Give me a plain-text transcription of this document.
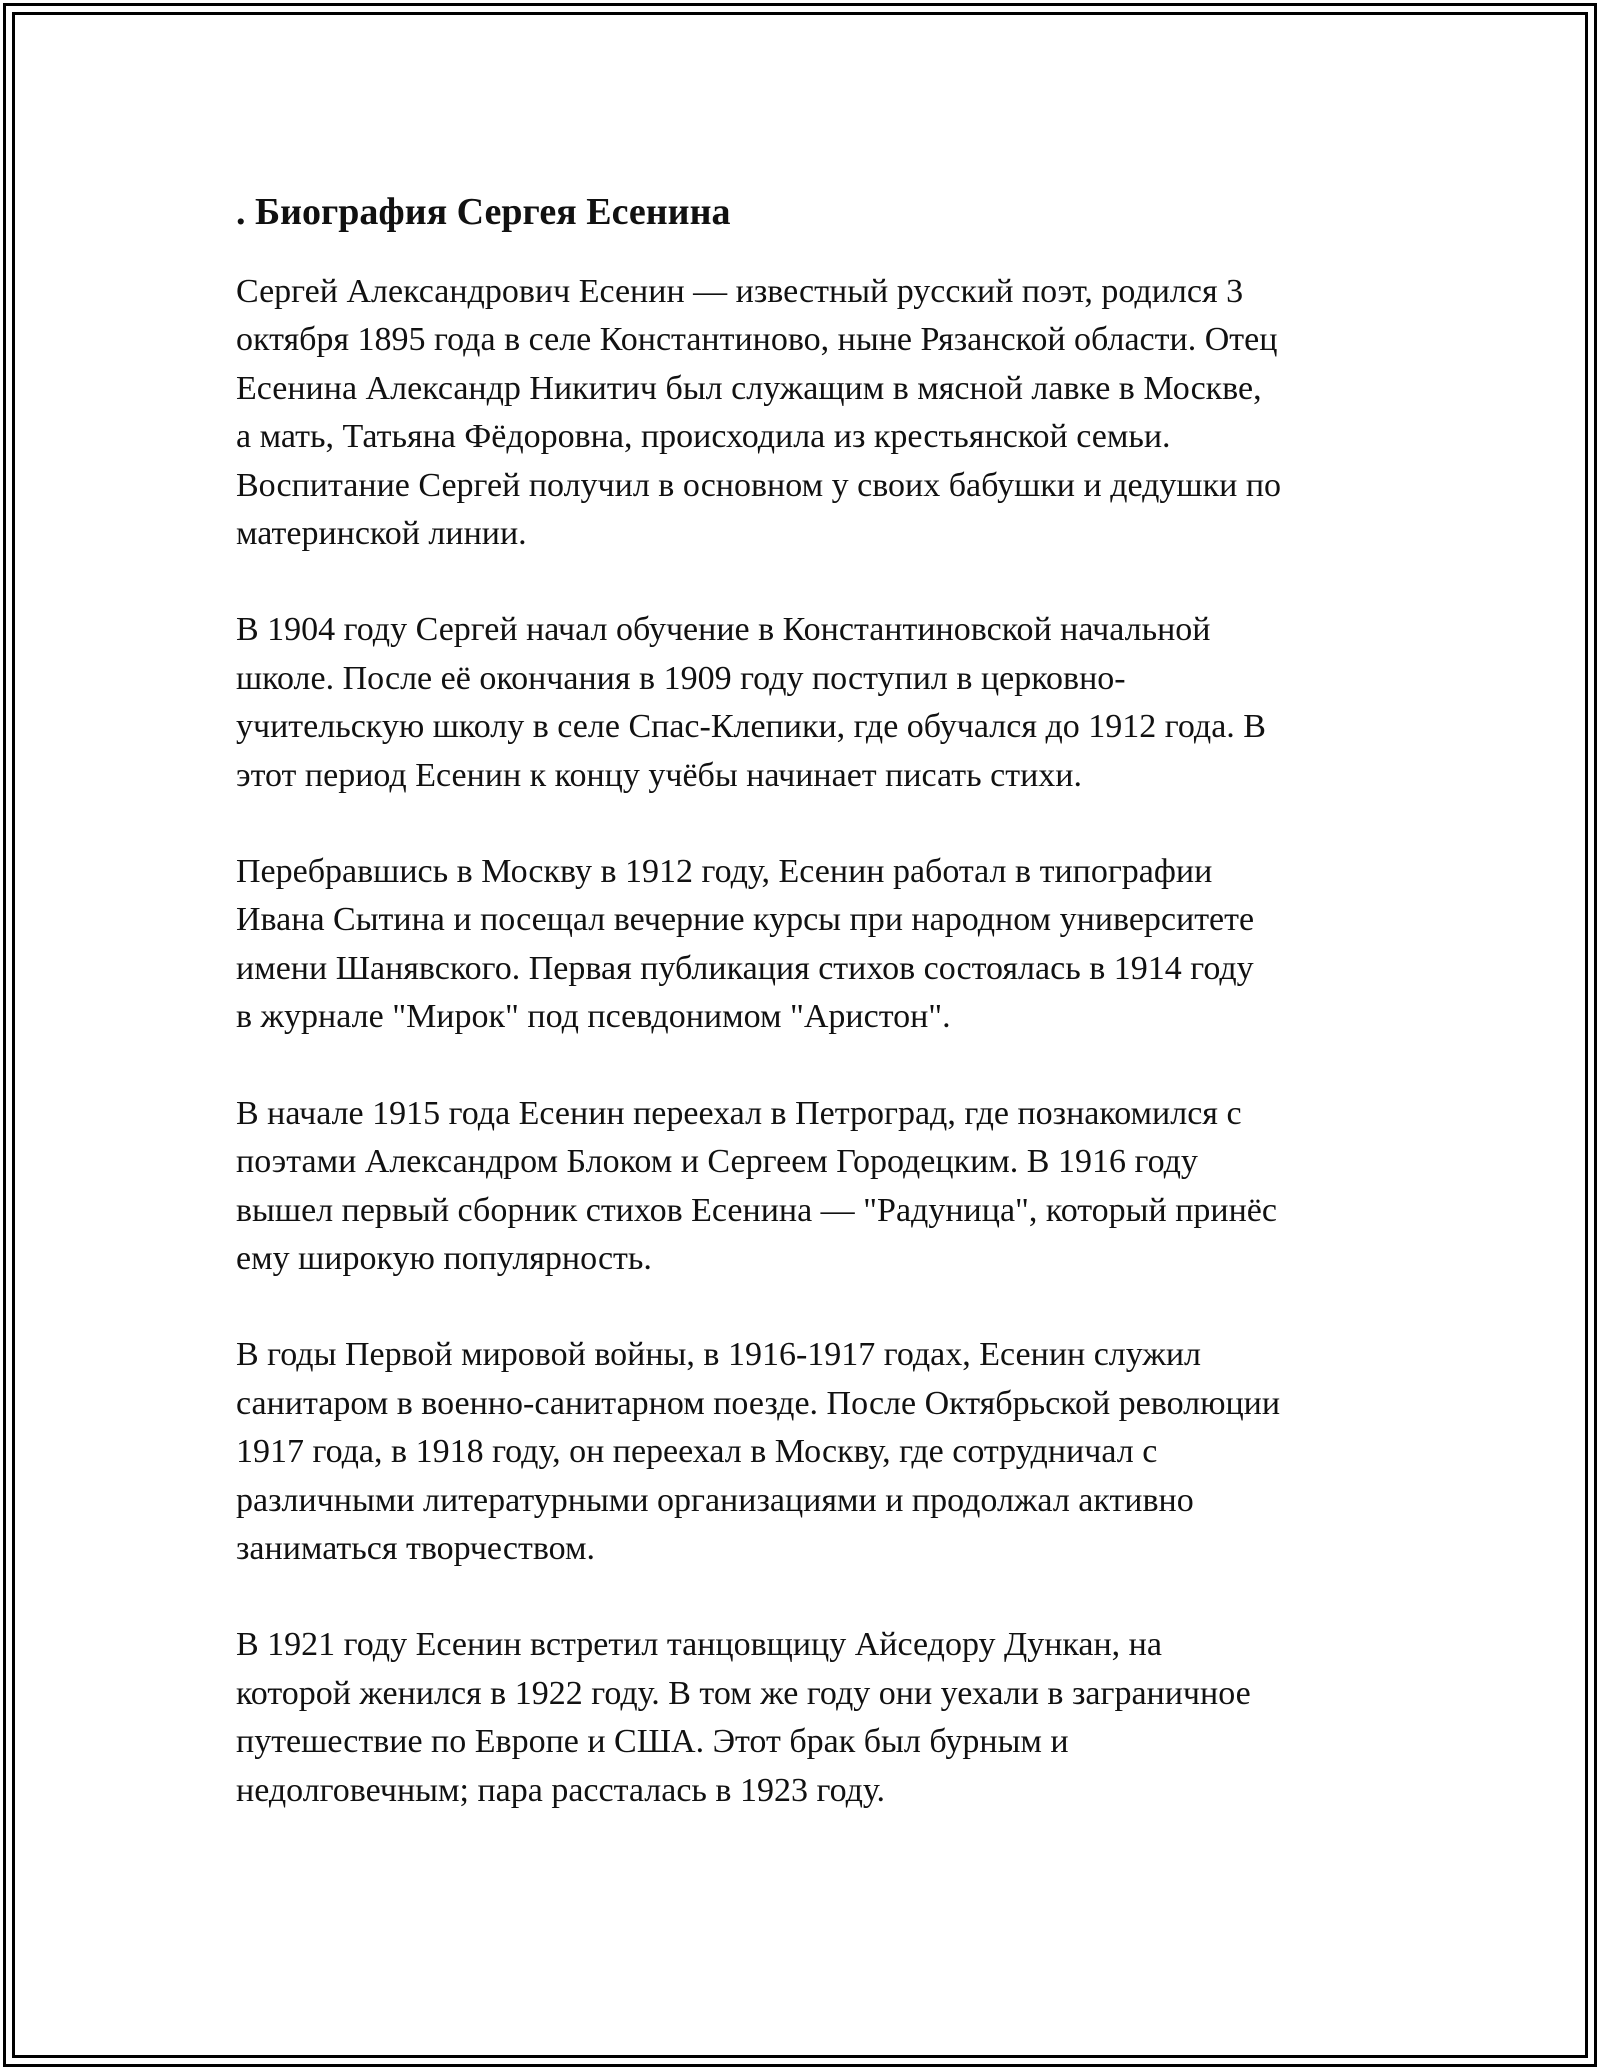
. Биография Сергея Есенина

Сергей Александрович Есенин — известный русский поэт, родился 3
октября 1895 года в селе Константиново, ныне Рязанской области. Отец
Есенина Александр Никитич был служащим в мясной лавке в Москве,
а мать, Татьяна Фёдоровна, происходила из крестьянской семьи.
Воспитание Сергей получил в основном у своих бабушки и дедушки по
материнской линии.

В 1904 году Сергей начал обучение в Константиновской начальной
школе. После её окончания в 1909 году поступил в церковно-
учительскую школу в селе Спас-Клепики, где обучался до 1912 года. В
этот период Есенин к концу учёбы начинает писать стихи.

Перебравшись в Москву в 1912 году, Есенин работал в типографии
Ивана Сытина и посещал вечерние курсы при народном университете
имени Шанявского. Первая публикация стихов состоялась в 1914 году
в журнале "Мирок" под псевдонимом "Аристон".

В начале 1915 года Есенин переехал в Петроград, где познакомился с
поэтами Александром Блоком и Сергеем Городецким. В 1916 году
вышел первый сборник стихов Есенина — "Радуница", который принёс
ему широкую популярность.

В годы Первой мировой войны, в 1916-1917 годах, Есенин служил
санитаром в военно-санитарном поезде. После Октябрьской революции
1917 года, в 1918 году, он переехал в Москву, где сотрудничал с
различными литературными организациями и продолжал активно
заниматься творчеством.

В 1921 году Есенин встретил танцовщицу Айседору Дункан, на
которой женился в 1922 году. В том же году они уехали в заграничное
путешествие по Европе и США. Этот брак был бурным и
недолговечным; пара рассталась в 1923 году.
